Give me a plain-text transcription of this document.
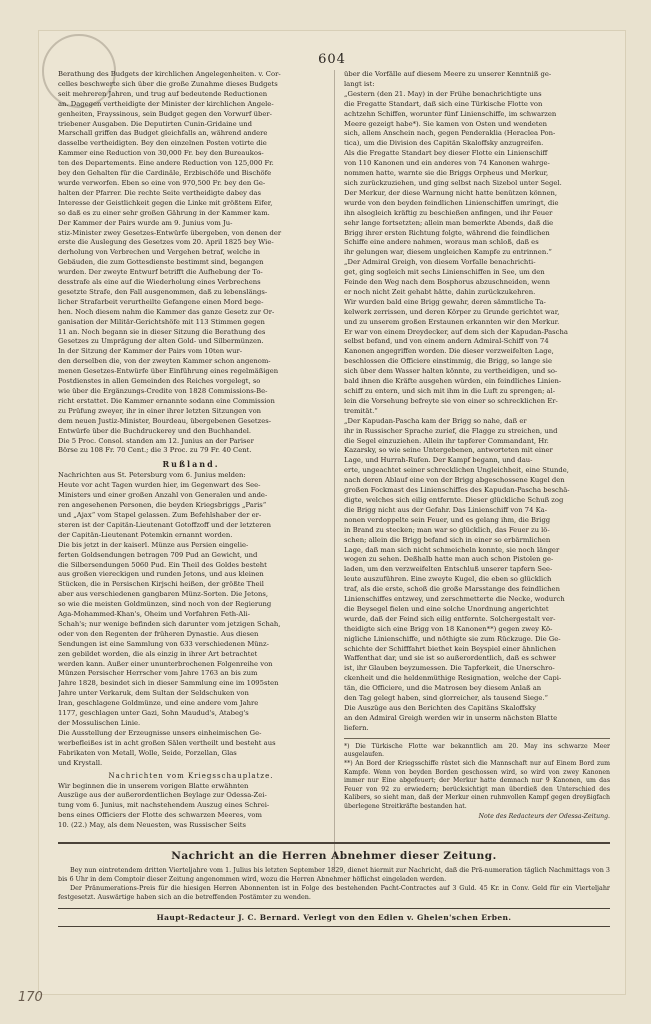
604

Berathung des Budgets der kirchlichen Angelegenheiten. v. Cor-

celles beschwerte sich über die große Zunahme dieses Budgets

seit mehreren Jahren, und trug auf bedeutende Reductionen

an. Dagegen vertheidigte der Minister der kirchlichen Angele-

genheiten, Frayssinous, sein Budget gegen den Vorwurf über-

triebener Ausgaben. Die Deputirten Cunin-Gridaine und

Marschall griffen das Budget gleichfalls an, während andere

dasselbe vertheidigten. Bey den einzelnen Posten votirte die

Kammer eine Reduction von 30,000 Fr. bey den Bureaukos-

ten des Departements. Eine andere Reduction von 125,000 Fr.

bey den Gehalten für die Cardinäle, Erzbischöfe und Bischöfe

wurde verworfen. Eben so eine von 970,500 Fr. bey den Ge-

halten der Pfarrer. Die rechte Seite vertheidigte dabey das

Interesse der Geistlichkeit gegen die Linke mit größtem Eifer,

so daß es zu einer sehr großen Gährung in der Kammer kam.

Der Kammer der Pairs wurde am 9. Junius vom Ju-

stiz-Minister zwey Gesetzes-Entwürfe übergeben, von denen der

erste die Auslegung des Gesetzes vom 20. April 1825 bey Wie-

derholung von Verbrechen und Vergehen betraf, welche in

Gebäuden, die zum Gottesdienste bestimmt sind, begangen

wurden. Der zweyte Entwurf betrifft die Aufhebung der To-

desstrafe als eine auf die Wiederholung eines Verbrechens

gesetzte Strafe, den Fall ausgenommen, daß zu lebenslängs-

licher Strafarbeit verurtheilte Gefangene einen Mord bege-

hen. Noch diesem nahm die Kammer das ganze Gesetz zur Or-

ganisation der Militär-Gerichtshöfe mit 113 Stimmen gegen

11 an. Noch begann sie in dieser Sitzung die Berathung des

Gesetzes zu Umprägung der alten Gold- und Silbermünzen.

In der Sitzung der Kammer der Pairs vom 10ten wur-

den derselben die, von der zweyten Kammer schon angenom-

menen Gesetzes-Entwürfe über Einführung eines regelmäßigen

Postdienstes in allen Gemeinden des Reiches vorgelegt, so

wie über die Ergänzungs-Credite von 1828 Commissions-Be-

richt erstattet. Die Kammer ernannte sodann eine Commission

zu Prüfung zweyer, ihr in einer ihrer letzten Sitzungen von

dem neuen Justiz-Minister, Bourdeau, übergebenen Gesetzes-

Entwürfe über die Buchdruckerey und den Buchhandel.

Die 5 Proc. Consol. standen am 12. Junius an der Pariser

Börse zu 108 Fr. 70 Cent.; die 3 Proc. zu 79 Fr. 40 Cent.

Rußland.

Nachrichten aus St. Petersburg vom 6. Junius melden:

Heute vor acht Tagen wurden hier, im Gegenwart des See-

Ministers und einer großen Anzahl von Generalen und ande-

ren angesehenen Personen, die beyden Kriegsbriggs „Paris“

und „Ajax“ vom Stapel gelassen. Zum Befehlshaber der er-

steren ist der Capitän-Lieutenant Gotoffzoff und der letzteren

der Capitän-Lieutenant Potemkin ernannt worden.

Die bis jetzt in der kaiserl. Münze aus Persien eingelie-

ferten Goldsendungen betragen 709 Pud an Gewicht, und

die Silbersendungen 5060 Pud. Ein Theil des Goldes besteht

aus großen viereckigen und runden Jetons, und aus kleinen

Stücken, die in Persischen Kirjschi heißen, der größte Theil

aber aus verschiedenen gangbaren Münz-Sorten. Die Jetons,

so wie die meisten Goldmünzen, sind noch von der Regierung

Aga-Mohammed-Khan's, Oheim und Vorfahren Feth-Ali-

Schah's; nur wenige befinden sich darunter vom jetzigen Schah,

oder von den Regenten der früheren Dynastie. Aus diesen

Sendungen ist eine Sammlung von 633 verschiedenen Münz-

zen gebildet worden, die als einzig in ihrer Art betrachtet

werden kann. Außer einer ununterbrochenen Folgenreihe von

Münzen Persischer Herrscher vom Jahre 1763 an bis zum

Jahre 1828, besindet sich in dieser Sammlung eine im 1095sten

Jahre unter Verkaruk, dem Sultan der Seldschuken von

Iran, geschlagene Goldmünze, und eine andere vom Jahre

1177, geschlagen unter Gazi, Sohn Maudud's, Atabeg's

der Mossulischen Linie.

Die Ausstellung der Erzeugnisse unsers einheimischen Ge-

werbefleißes ist in acht großen Sälen vertheilt und besteht aus

Fabrikaten von Metall, Wolle, Seide, Porzellan, Glas

und Krystall.

Nachrichten vom Kriegsschauplatze.

Wir beginnen die in unserem vorigen Blatte erwähnten

Auszüge aus der außerordentlichen Beylage zur Odessa-Zei-

tung vom 6. Junius, mit nachstehendem Auszug eines Schrei-

bens eines Officiers der Flotte des schwarzen Meeres, vom

10. (22.) May, als dem Neuesten, was Russischer Seits

über die Vorfälle auf diesem Meere zu unserer Kenntniß ge-

langt ist:

„Gestern (den 21. May) in der Frühe benachrichtigte uns

die Fregatte Standart, daß sich eine Türkische Flotte von

achtzehn Schiffen, worunter fünf Linienschiffe, im schwarzen

Meere gezeigt habe*). Sie kamen von Osten und wendeten

sich, allem Anschein nach, gegen Penderaklia (Heraclea Pon-

tica), um die Division des Capitän Skaloffsky anzugreifen.

Als die Fregatte Standart bey dieser Flotte ein Linienschiff

von 110 Kanonen und ein anderes von 74 Kanonen wahrge-

nommen hatte, warnte sie die Briggs Orpheus und Merkur,

sich zurückzuziehen, und ging selbst nach Sizebol unter Segel.

Der Merkur, der diese Warnung nicht hatte benützen können,

wurde von den beyden feindlichen Linienschiffen umringt, die

ihn alsogleich kräftig zu beschießen anfingen, und ihr Feuer

sehr lange fortsetzten; allein man bemerkte Abends, daß die

Brigg ihrer ersten Richtung folgte, während die feindlichen

Schiffe eine andere nahmen, woraus man schloß, daß es

ihr gelungen war, diesem ungleichen Kampfe zu entrinnen.“

„Der Admiral Greigh, von diesem Vorfalle benachrichti-

get, ging sogleich mit sechs Linienschiffen in See, um den

Feinde den Weg nach dem Bosphorus abzuschneiden, wenn

er noch nicht Zeit gehabt hätte, dahin zurückzukehren.

Wir wurden bald eine Brigg gewahr, deren sämmtliche Ta-

kelwerk zerrissen, und deren Körper zu Grunde gerichtet war,

und zu unserem großen Erstaunen erkannten wir den Merkur.

Er war von einem Dreydecker, auf dem sich der Kapudan-Pascha

selbst befand, und von einem andern Admiral-Schiff von 74

Kanonen angegriffen worden. Die dieser verzweifelten Lage,

beschlossen die Officiere einstimmig, die Brigg, so lange sie

sich über dem Wasser halten könnte, zu vertheidigen, und so-

bald ihnen die Kräfte ausgehen würden, ein feindliches Linien-

schiff zu entern, und sich mit ihm in die Luft zu sprengen; al-

lein die Vorsehung befreyte sie von einer so schrecklichen Er-

tremität.“

„Der Kapudan-Pascha kam der Brigg so nahe, daß er

ihr in Russischer Sprache zurief, die Flagge zu streichen, und

die Segel einzuziehen. Allein ihr tapferer Commandant, Hr.

Kazarsky, so wie seine Untergebenen, antworteten mit einer

Lage, und Hurrah-Rufen. Der Kampf begann, und dau-

erte, ungeachtet seiner schrecklichen Ungleichheit, eine Stunde,

nach deren Ablauf eine von der Brigg abgeschossene Kugel den

großen Fockmast des Linienschiffes des Kapudan-Pascha beschä-

digte, welches sich eilig entfernte. Dieser glückliche Schuß zog

die Brigg nicht aus der Gefahr. Das Linienschiff von 74 Ka-

nonen verdoppelte sein Feuer, und es gelang ihm, die Brigg

in Brand zu stecken; man war so glücklich, das Feuer zu lö-

schen; allein die Brigg befand sich in einer so erbärmlichen

Lage, daß man sich nicht schmeicheln konnte, sie noch länger

wogen zu sehen. Deßhalb hatte man auch schon Pistolen ge-

laden, um den verzweifelten Entschluß unserer tapfern See-

leute auszuführen. Eine zweyte Kugel, die eben so glücklich

traf, als die erste, schoß die große Marsstange des feindlichen

Linienschiffes entzwey, und zerschmetterte die Necke, wodurch

die Beysegel fielen und eine solche Unordnung angerichtet

wurde, daß der Feind sich eilig entfernte. Solchergestalt ver-

theidigte sich eine Brigg von 18 Kanonen**) gegen zwey Kö-

nigliche Linienschiffe, und nöthigte sie zum Rückzuge. Die Ge-

schichte der Schifffahrt biethet kein Beyspiel einer ähnlichen

Waffenthat dar, und sie ist so außerordentlich, daß es schwer

ist, ihr Glauben beyzumessen. Die Tapferkeit, die Unerschro-

ckenheit und die heldenmüthige Resignation, welche der Capi-

tän, die Officiere, und die Matrosen bey diesem Anlaß an

den Tag gelegt haben, sind glorreicher, als tausend Siege.“

Die Auszüge aus den Berichten des Capitäns Skaloffsky

an den Admiral Greigh werden wir in unserm nächsten Blatte

liefern.

*) Die Türkische Flotte war bekanntlich am 20. May ins schwarze Meer ausgelaufen.

**) An Bord der Kriegsschiffe rüstet sich die Mannschaft nur auf Einem Bord zum Kampfe. Wenn von beyden Borden geschossen wird, so wird von zwey Kanonen immer nur Eine abgefeuert; der Merkur hatte demnach nur 9 Kanonen, um das Feuer von 92 zu erwiedern; berücksichtigt man überdieß den Unterschied des Kalibers, so sieht man, daß der Merkur einen ruhmvollen Kampf gegen dreyßigfach überlegene Streitkräfte bestanden hat.

Note des Redacteurs der Odessa-Zeitung.
Nachricht an die Herren Abnehmer dieser Zeitung.

Bey nun eintretendem dritten Vierteljahre vom 1. Julius bis letzten September 1829, dienet hiermit zur Nachricht, daß die Prä-numeration täglich Nachmittags von 3 bis 6 Uhr in dem Comptoir dieser Zeitung angenommen wird, wozu die Herren Abnehmer höflichst eingeladen werden.

Der Pränumerations-Preis für die hiesigen Herren Abonnenten ist in Folge des bestehenden Pacht-Contractes auf 3 Guld. 45 Kr. in Conv. Geld für ein Vierteljahr festgesetzt. Auswärtige haben sich an die betreffenden Postämter zu wenden.

Haupt-Redacteur J. C. Bernard. Verlegt von den Edlen v. Ghelen'schen Erben.
170
